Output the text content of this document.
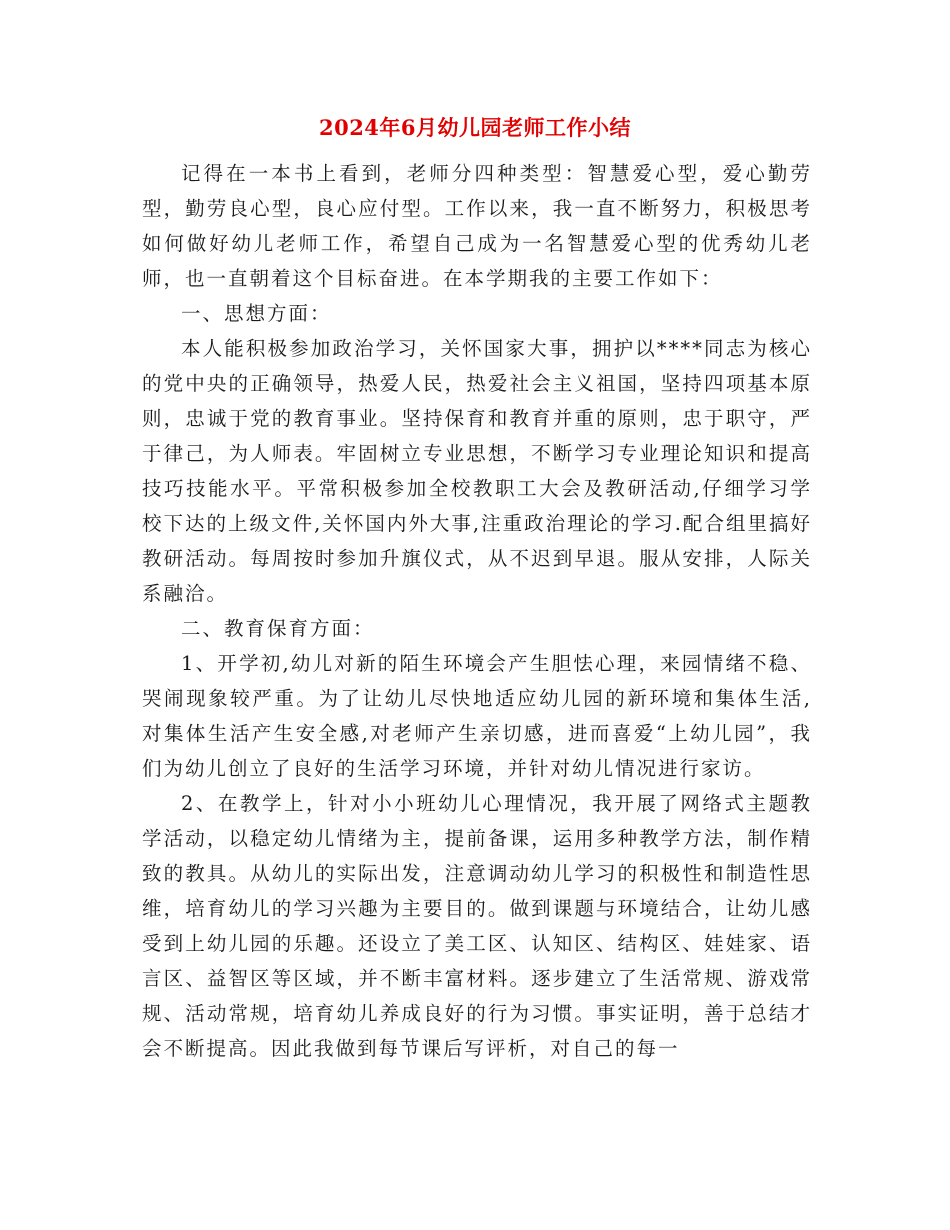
2024年6月幼儿园老师工作小结

记得在一本书上看到，老师分四种类型：智慧爱心型，爱心勤劳型，勤劳良心型，良心应付型。工作以来，我一直不断努力，积极思考如何做好幼儿老师工作，希望自己成为一名智慧爱心型的优秀幼儿老师，也一直朝着这个目标奋进。在本学期我的主要工作如下：

一、思想方面：

本人能积极参加政治学习，关怀国家大事，拥护以****同志为核心的党中央的正确领导，热爱人民，热爱社会主义祖国，坚持四项基本原则，忠诚于党的教育事业。坚持保育和教育并重的原则，忠于职守，严于律己，为人师表。牢固树立专业思想，不断学习专业理论知识和提高技巧技能水平。平常积极参加全校教职工大会及教研活动,仔细学习学校下达的上级文件,关怀国内外大事,注重政治理论的学习.配合组里搞好教研活动。每周按时参加升旗仪式，从不迟到早退。服从安排，人际关系融洽。

二、教育保育方面：

1、开学初,幼儿对新的陌生环境会产生胆怯心理，来园情绪不稳、哭闹现象较严重。为了让幼儿尽快地适应幼儿园的新环境和集体生活,对集体生活产生安全感,对老师产生亲切感，进而喜爱“上幼儿园”，我们为幼儿创立了良好的生活学习环境，并针对幼儿情况进行家访。

2、在教学上，针对小小班幼儿心理情况，我开展了网络式主题教学活动，以稳定幼儿情绪为主，提前备课，运用多种教学方法，制作精致的教具。从幼儿的实际出发，注意调动幼儿学习的积极性和制造性思维，培育幼儿的学习兴趣为主要目的。做到课题与环境结合，让幼儿感受到上幼儿园的乐趣。还设立了美工区、认知区、结构区、娃娃家、语言区、益智区等区域，并不断丰富材料。逐步建立了生活常规、游戏常规、活动常规，培育幼儿养成良好的行为习惯。事实证明，善于总结才会不断提高。因此我做到每节课后写评析，对自己的每一
